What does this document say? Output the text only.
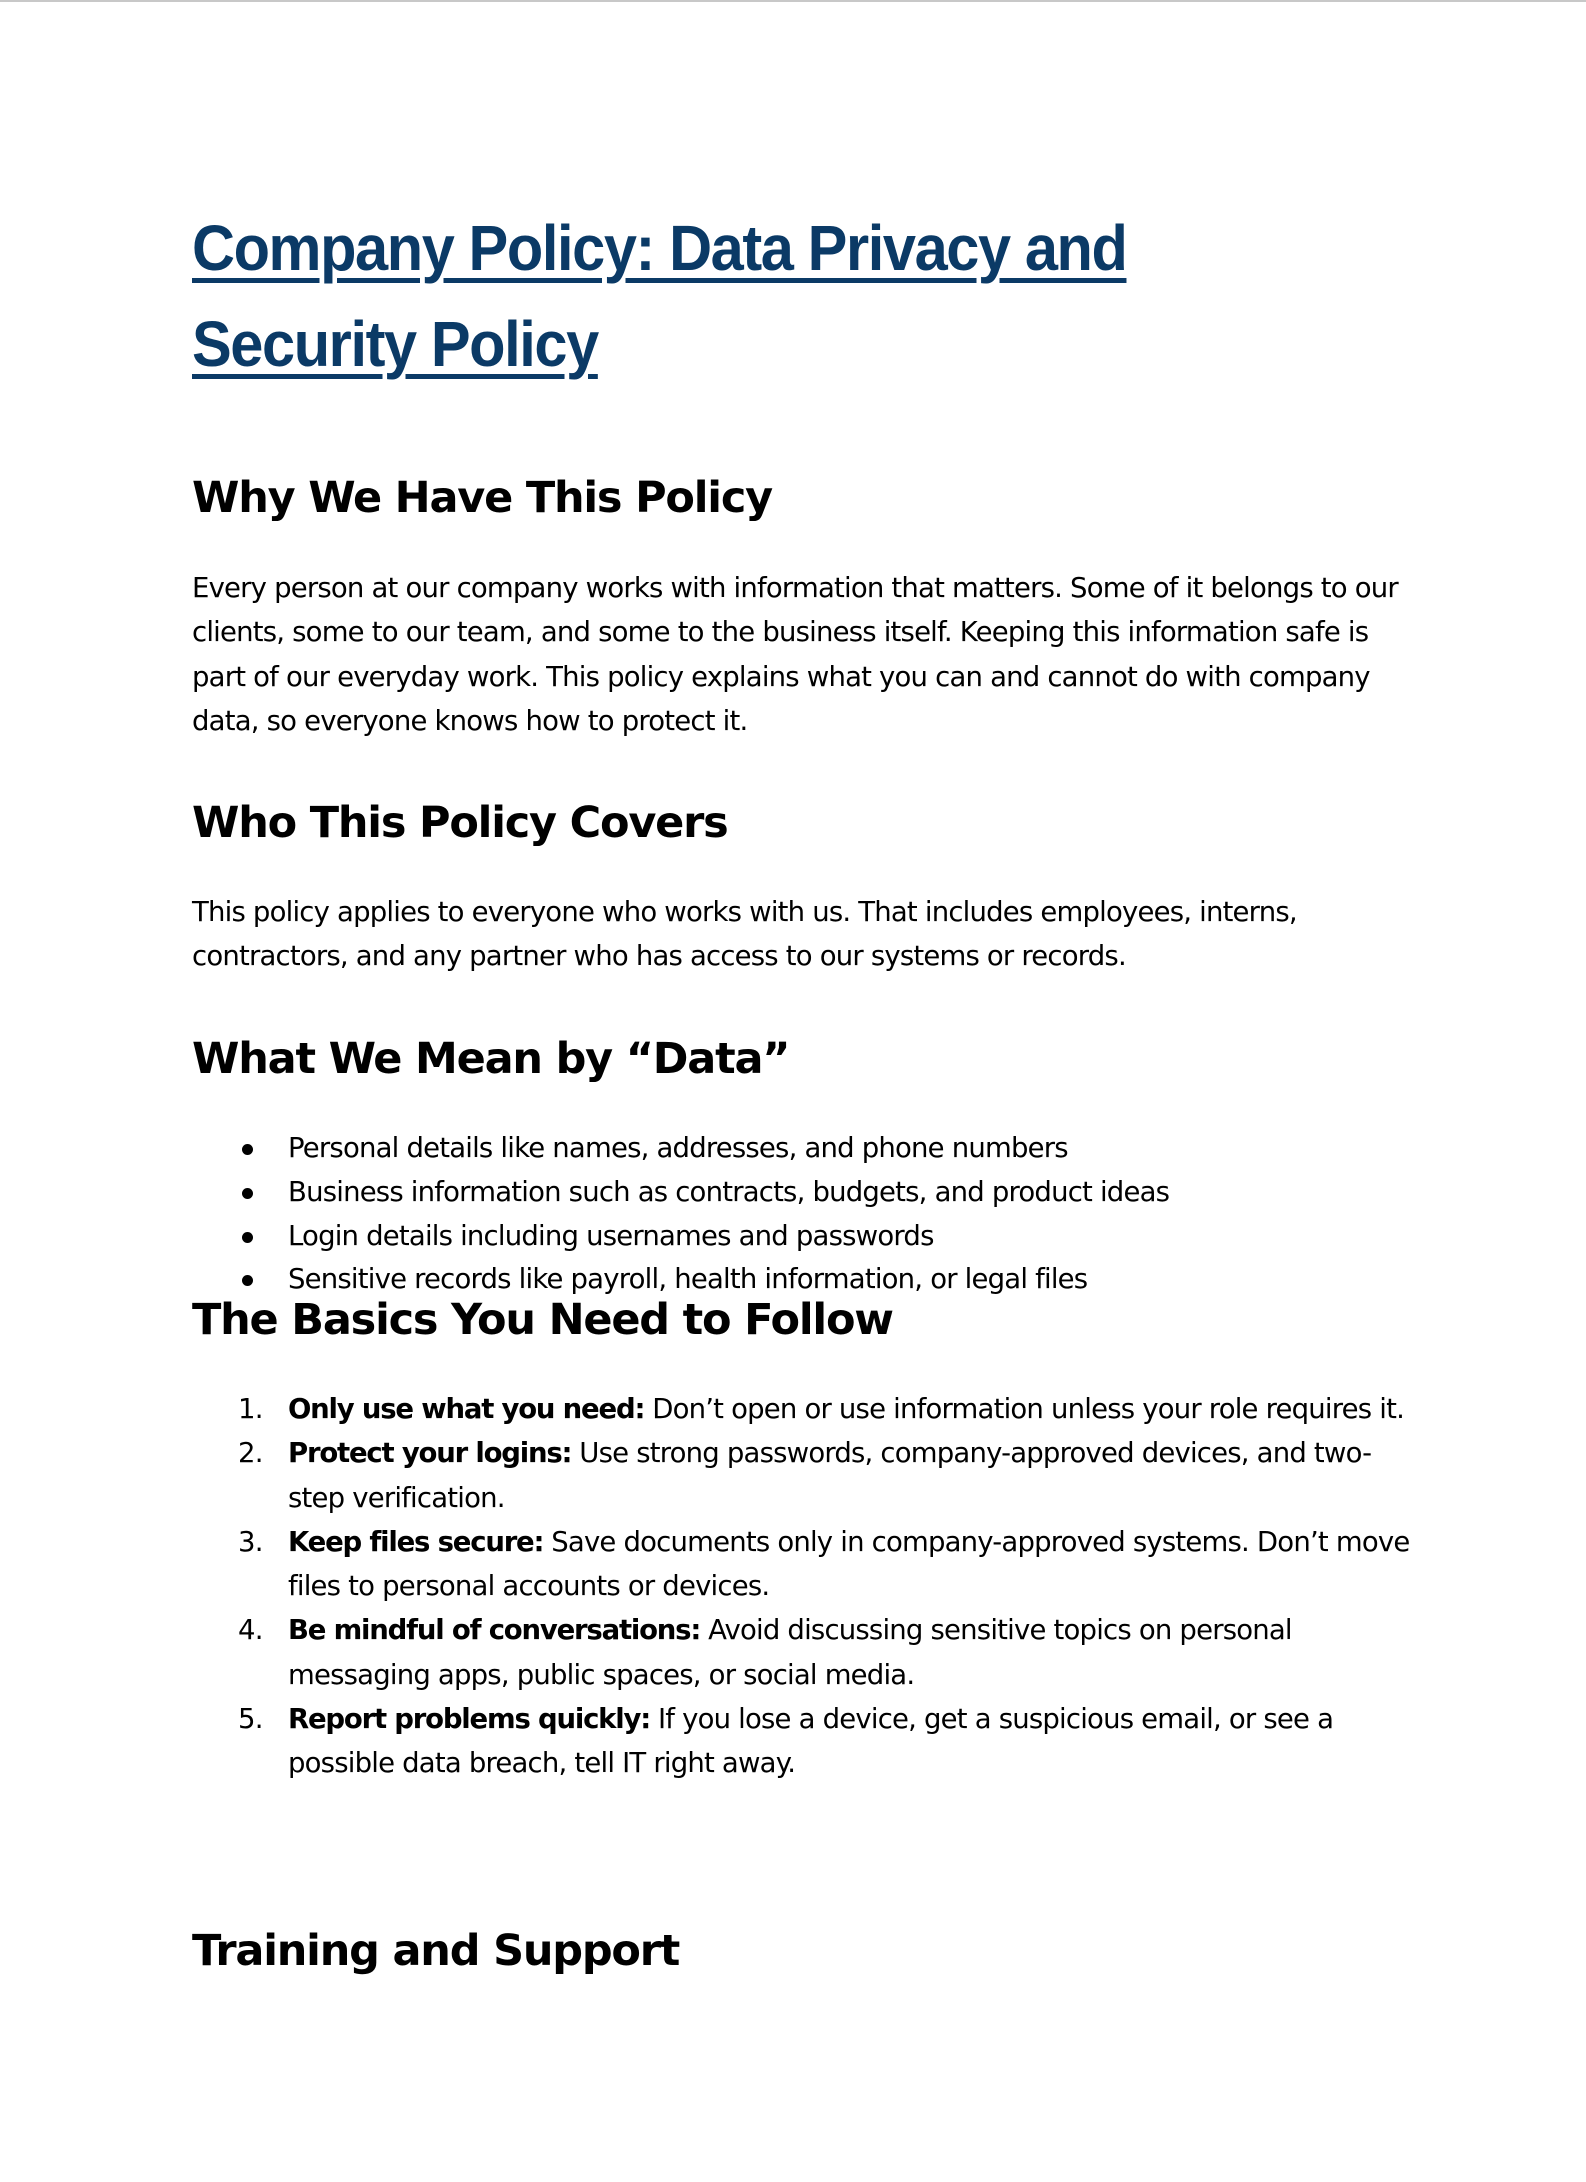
Company Policy: Data Privacy and Security Policy
Why We Have This Policy

Every person at our company works with information that matters. Some of it belongs to our clients, some to our team, and some to the business itself. Keeping this information safe is part of our everyday work. This policy explains what you can and cannot do with company data, so everyone knows how to protect it.

Who This Policy Covers

This policy applies to everyone who works with us. That includes employees, interns, contractors, and any partner who has access to our systems or records.

What We Mean by “Data”
Personal details like names, addresses, and phone numbers
Business information such as contracts, budgets, and product ideas
Login details including usernames and passwords
Sensitive records like payroll, health information, or legal files
The Basics You Need to Follow
1. Only use what you need: Don’t open or use information unless your role requires it.
2. Protect your logins: Use strong passwords, company-approved devices, and two-step verification.
3. Keep files secure: Save documents only in company-approved systems. Don’t move files to personal accounts or devices.
4. Be mindful of conversations: Avoid discussing sensitive topics on personal messaging apps, public spaces, or social media.
5. Report problems quickly: If you lose a device, get a suspicious email, or see a possible data breach, tell IT right away.
Training and Support
